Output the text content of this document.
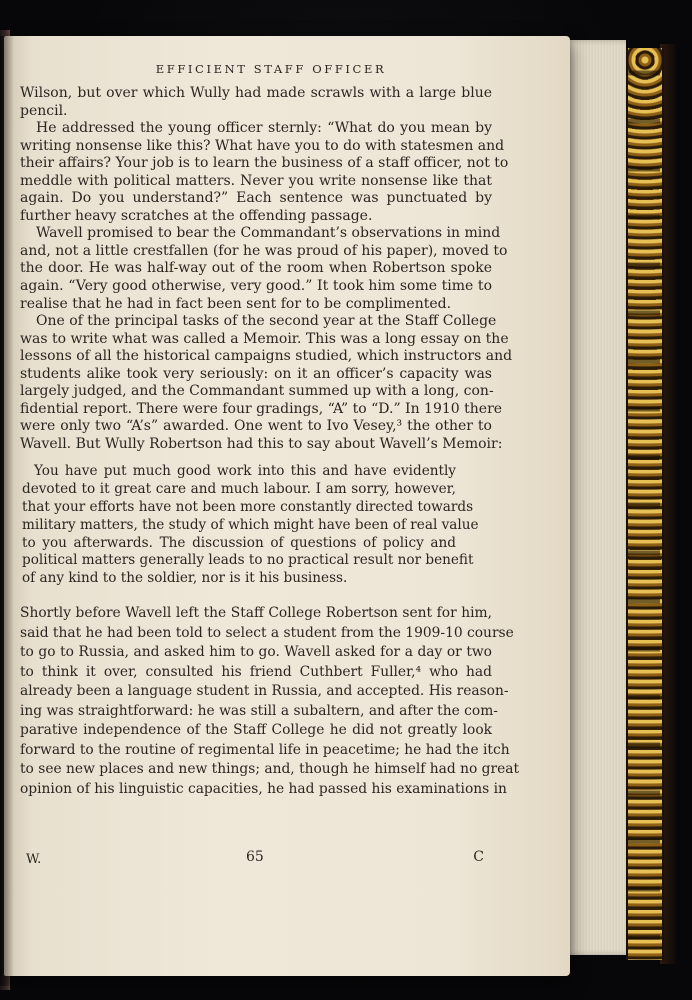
EFFICIENT STAFF OFFICER

Wilson, but over which Wully had made scrawls with a large blue

pencil.

He addressed the young officer sternly: “What do you mean by

writing nonsense like this? What have you to do with statesmen and

their affairs? Your job is to learn the business of a staff officer, not to

meddle with political matters. Never you write nonsense like that

again. Do you understand?” Each sentence was punctuated by

further heavy scratches at the offending passage.

Wavell promised to bear the Commandant’s observations in mind

and, not a little crestfallen (for he was proud of his paper), moved to

the door. He was half-way out of the room when Robertson spoke

again. “Very good otherwise, very good.” It took him some time to

realise that he had in fact been sent for to be complimented.

One of the principal tasks of the second year at the Staff College

was to write what was called a Memoir. This was a long essay on the

lessons of all the historical campaigns studied, which instructors and

students alike took very seriously: on it an officer’s capacity was

largely judged, and the Commandant summed up with a long, con-

fidential report. There were four gradings, “A” to “D.” In 1910 there

were only two “A’s” awarded. One went to Ivo Vesey,³ the other to

Wavell. But Wully Robertson had this to say about Wavell’s Memoir:

You have put much good work into this and have evidently

devoted to it great care and much labour. I am sorry, however,

that your efforts have not been more constantly directed towards

military matters, the study of which might have been of real value

to you afterwards. The discussion of questions of policy and

political matters generally leads to no practical result nor benefit

of any kind to the soldier, nor is it his business.

Shortly before Wavell left the Staff College Robertson sent for him,

said that he had been told to select a student from the 1909-10 course

to go to Russia, and asked him to go. Wavell asked for a day or two

to think it over, consulted his friend Cuthbert Fuller,⁴ who had

already been a language student in Russia, and accepted. His reason-

ing was straightforward: he was still a subaltern, and after the com-

parative independence of the Staff College he did not greatly look

forward to the routine of regimental life in peacetime; he had the itch

to see new places and new things; and, though he himself had no great

opinion of his linguistic capacities, he had passed his examinations in

W.	65	C
